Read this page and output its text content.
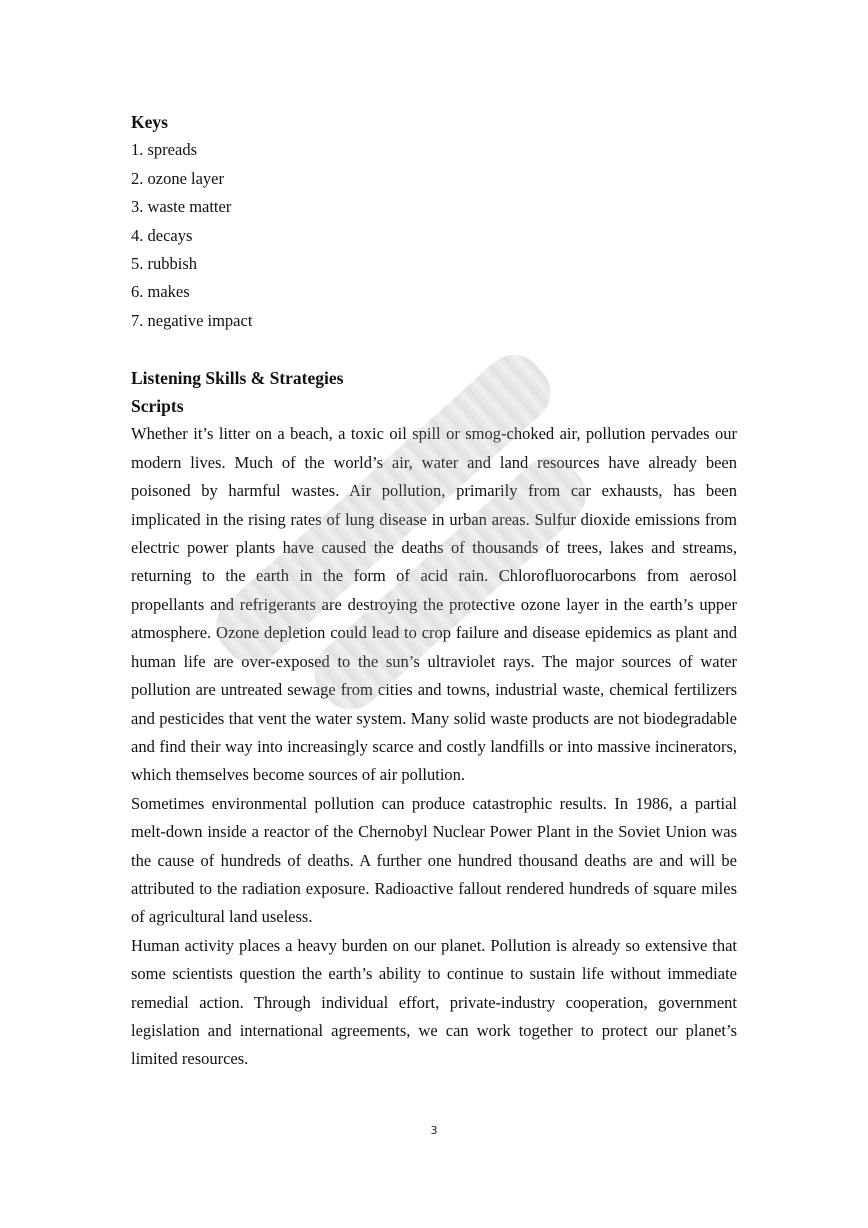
Keys
1. spreads
2. ozone layer
3. waste matter
4. decays
5. rubbish
6. makes
7. negative impact
Listening Skills & Strategies
Scripts

Whether it’s litter on a beach, a toxic oil spill or smog-choked air, pollution pervades our modern lives. Much of the world’s air, water and land resources have already been poisoned by harmful wastes. Air pollution, primarily from car exhausts, has been implicated in the rising rates of lung disease in urban areas. Sulfur dioxide emissions from electric power plants have caused the deaths of thousands of trees, lakes and streams, returning to the earth in the form of acid rain. Chlorofluorocarbons from aerosol propellants and refrigerants are destroying the protective ozone layer in the earth’s upper atmosphere. Ozone depletion could lead to crop failure and disease epidemics as plant and human life are over-exposed to the sun’s ultraviolet rays. The major sources of water pollution are untreated sewage from cities and towns, industrial waste, chemical fertilizers and pesticides that vent the water system. Many solid waste products are not biodegradable and find their way into increasingly scarce and costly landfills or into massive incinerators, which themselves become sources of air pollution.

Sometimes environmental pollution can produce catastrophic results. In 1986, a partial melt-down inside a reactor of the Chernobyl Nuclear Power Plant in the Soviet Union was the cause of hundreds of deaths. A further one hundred thousand deaths are and will be attributed to the radiation exposure. Radioactive fallout rendered hundreds of square miles of agricultural land useless.

Human activity places a heavy burden on our planet. Pollution is already so extensive that some scientists question the earth’s ability to continue to sustain life without immediate remedial action. Through individual effort, private-industry cooperation, government legislation and international agreements, we can work together to protect our planet’s limited resources.

3
